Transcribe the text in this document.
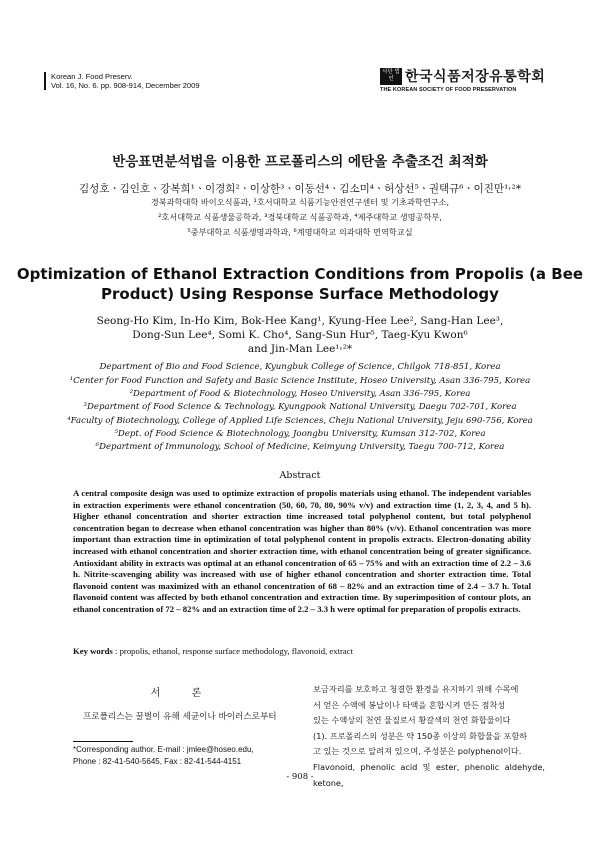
Korean J. Food Preserv.
Vol. 16, No. 6. pp. 908-914, December 2009
사단 법인 한국식품저장유통학회
THE KOREAN SOCIETY OF FOOD PRESERVATION
반응표면분석법을 이용한 프로폴리스의 에탄올 추출조건 최적화
김성호ㆍ김인호ㆍ강복희¹ㆍ이경희²ㆍ이상한³ㆍ이동선⁴ㆍ김소미⁴ㆍ허상선⁵ㆍ권택규⁶ㆍ이진만¹˒²*
경북과학대학 바이오식품과, ¹호서대학교 식품기능안전연구센터 및 기초과학연구소,
²호서대학교 식품생물공학과, ³경북대학교 식품공학과, ⁴제주대학교 생명공학부,
⁵중부대학교 식품생명과학과, ⁶계명대학교 의과대학 면역학교실
Optimization of Ethanol Extraction Conditions from Propolis (a Bee
Product) Using Response Surface Methodology
Seong-Ho Kim, In-Ho Kim, Bok-Hee Kang¹, Kyung-Hee Lee², Sang-Han Lee³,
Dong-Sun Lee⁴, Somi K. Cho⁴, Sang-Sun Hur⁵, Taeg-Kyu Kwon⁶
and Jin-Man Lee¹˒²*
Department of Bio and Food Science, Kyungbuk College of Science, Chilgok 718-851, Korea
¹Center for Food Function and Safety and Basic Science Institute, Hoseo University, Asan 336-795, Korea
²Department of Food & Biotechnology, Hoseo University, Asan 336-795, Korea
³Department of Food Science & Technology, Kyungpook National University, Daegu 702-701, Korea
⁴Faculty of Biotechnology, College of Applied Life Sciences, Cheju National University, Jeju 690-756, Korea
⁵Dept. of Food Science & Biotechnology, Joongbu University, Kumsan 312-702, Korea
⁶Department of Immunology, School of Medicine, Keimyung University, Taegu 700-712, Korea
Abstract
A central composite design was used to optimize extraction of propolis materials using ethanol. The independent variables in extraction experiments were ethanol concentration (50, 60, 70, 80, 90% v/v) and extraction time (1, 2, 3, 4, and 5 h). Higher ethanol concentration and shorter extraction time increased total polyphenol content, but total polyphenol concentration began to decrease when ethanol concentration was higher than 80% (v/v). Ethanol concentration was more important than extraction time in optimization of total polyphenol content in propolis extracts. Electron-donating ability increased with ethanol concentration and shorter extraction time, with ethanol concentration being of greater significance. Antioxidant ability in extracts was optimal at an ethanol concentration of 65 – 75% and with an extraction time of 2.2 – 3.6 h. Nitrite-scavenging ability was increased with use of higher ethanol concentration and shorter extraction time. Total flavonoid content was maximized with an ethanol concentration of 68 – 82% and an extraction time of 2.4 – 3.7 h. Total flavonoid content was affected by both ethanol concentration and extraction time. By superimposition of contour plots, an ethanol concentration of 72 – 82% and an extraction time of 2.2 – 3.3 h were optimal for preparation of propolis extracts.
Key words : propolis, ethanol, response surface methodology, flavonoid, extract
서 론
프로폴리스는 꿀벌이 유해 세균이나 바이러스로부터
*Corresponding author. E-mail : jmlee@hoseo.edu,
Phone : 82-41-540-5645, Fax : 82-41-544-4151
보금자리를 보호하고 청결한 환경을 유지하기 위해 수목에
서 얻은 수액에 봉납이나 타액을 혼합시켜 만든 점착성
있는 수액상의 천연 물질로서 황갈색의 천연 화합물이다
(1). 프로폴리스의 성분은 약 150종 이상의 화합물을 포함하
고 있는 것으로 알려져 있으며, 주성분은 polyphenol이다.
Flavonoid, phenolic acid 및 ester, phenolic aldehyde, ketone,
- 908 -
